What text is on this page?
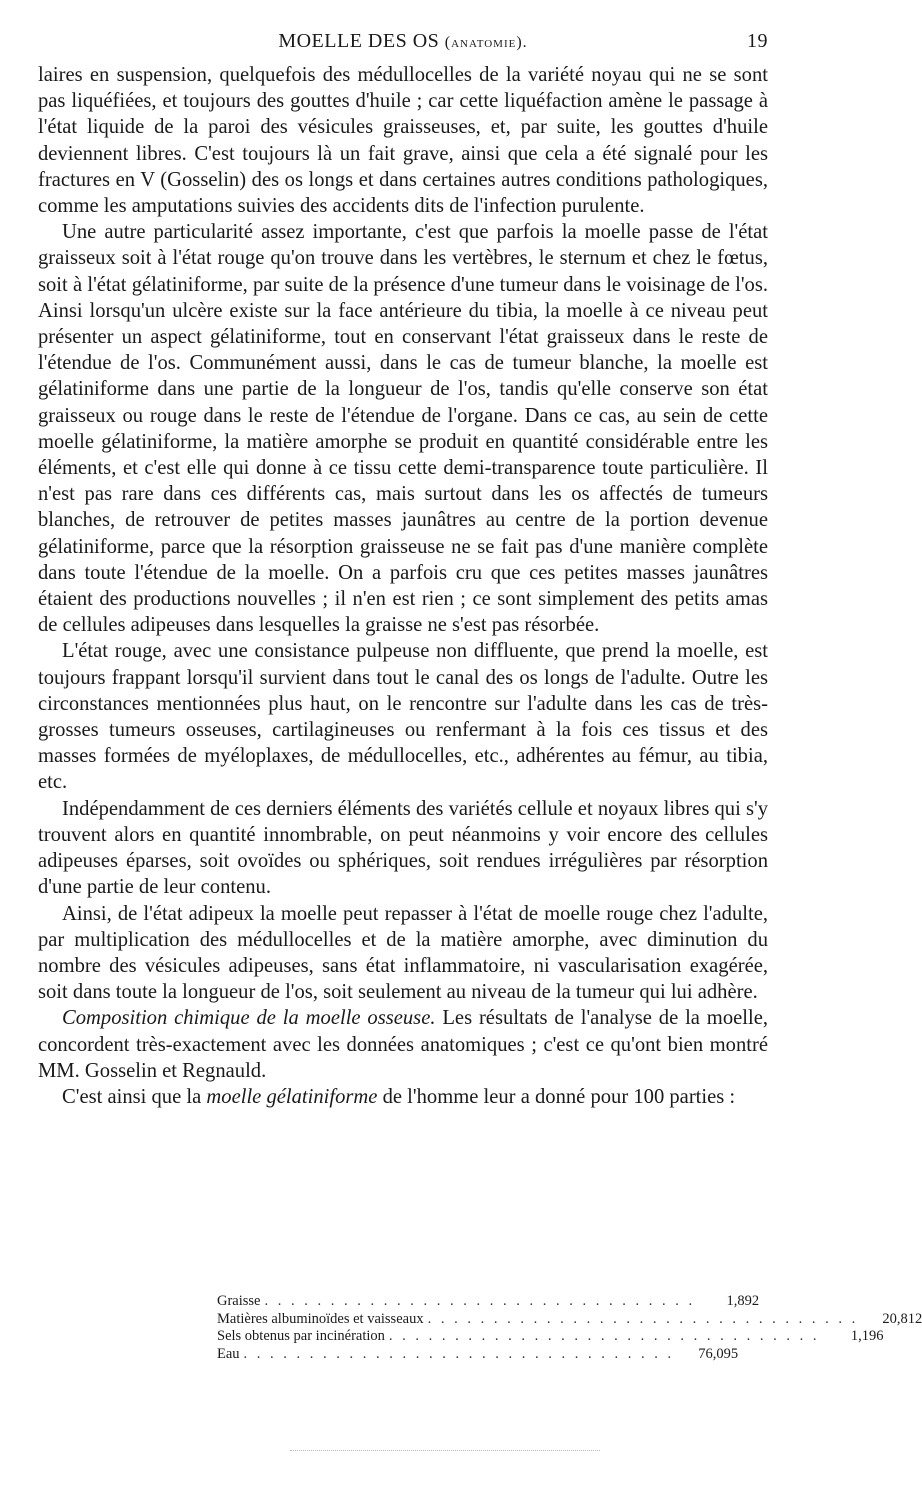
MOELLE DES OS (anatomie).	19

laires en suspension, quelquefois des médullocelles de la variété noyau qui ne se sont pas liquéfiées, et toujours des gouttes d'huile ; car cette liquéfaction amène le passage à l'état liquide de la paroi des vésicules graisseuses, et, par suite, les gouttes d'huile deviennent libres. C'est toujours là un fait grave, ainsi que cela a été signalé pour les fractures en V (Gosselin) des os longs et dans certaines autres conditions pathologiques, comme les amputations suivies des accidents dits de l'infection purulente.

Une autre particularité assez importante, c'est que parfois la moelle passe de l'état graisseux soit à l'état rouge qu'on trouve dans les vertèbres, le sternum et chez le fœtus, soit à l'état gélatiniforme, par suite de la présence d'une tumeur dans le voisinage de l'os. Ainsi lorsqu'un ulcère existe sur la face antérieure du tibia, la moelle à ce niveau peut présenter un aspect gélatiniforme, tout en conservant l'état graisseux dans le reste de l'étendue de l'os. Communément aussi, dans le cas de tumeur blanche, la moelle est gélatiniforme dans une partie de la longueur de l'os, tandis qu'elle conserve son état graisseux ou rouge dans le reste de l'étendue de l'organe. Dans ce cas, au sein de cette moelle gélatiniforme, la matière amorphe se produit en quantité considérable entre les éléments, et c'est elle qui donne à ce tissu cette demi-transparence toute particulière. Il n'est pas rare dans ces différents cas, mais surtout dans les os affectés de tumeurs blanches, de retrouver de petites masses jaunâtres au centre de la portion devenue gélatiniforme, parce que la résorption graisseuse ne se fait pas d'une manière complète dans toute l'étendue de la moelle. On a parfois cru que ces petites masses jaunâtres étaient des productions nouvelles ; il n'en est rien ; ce sont simplement des petits amas de cellules adipeuses dans lesquelles la graisse ne s'est pas résorbée.

L'état rouge, avec une consistance pulpeuse non diffluente, que prend la moelle, est toujours frappant lorsqu'il survient dans tout le canal des os longs de l'adulte. Outre les circonstances mentionnées plus haut, on le rencontre sur l'adulte dans les cas de très-grosses tumeurs osseuses, cartilagineuses ou renfermant à la fois ces tissus et des masses formées de myéloplaxes, de médullocelles, etc., adhérentes au fémur, au tibia, etc.

Indépendamment de ces derniers éléments des variétés cellule et noyaux libres qui s'y trouvent alors en quantité innombrable, on peut néanmoins y voir encore des cellules adipeuses éparses, soit ovoïdes ou sphériques, soit rendues irrégulières par résorption d'une partie de leur contenu.

Ainsi, de l'état adipeux la moelle peut repasser à l'état de moelle rouge chez l'adulte, par multiplication des médullocelles et de la matière amorphe, avec diminution du nombre des vésicules adipeuses, sans état inflammatoire, ni vascularisation exagérée, soit dans toute la longueur de l'os, soit seulement au niveau de la tumeur qui lui adhère.

Composition chimique de la moelle osseuse. Les résultats de l'analyse de la moelle, concordent très-exactement avec les données anatomiques ; c'est ce qu'ont bien montré MM. Gosselin et Regnauld.

C'est ainsi que la moelle gélatiniforme de l'homme leur a donné pour 100 parties :

Graisse . . . . . . . . . . . . . . . . . . . . . . . . . . . . . . . . .	1,892
Matières albuminoïdes et vaisseaux . . . . . . . . . . . . . . . . . . . . . . . . . . . . . . . . .	20,812
Sels obtenus par incinération . . . . . . . . . . . . . . . . . . . . . . . . . . . . . . . . .	1,196
Eau . . . . . . . . . . . . . . . . . . . . . . . . . . . . . . . . .	76,095
